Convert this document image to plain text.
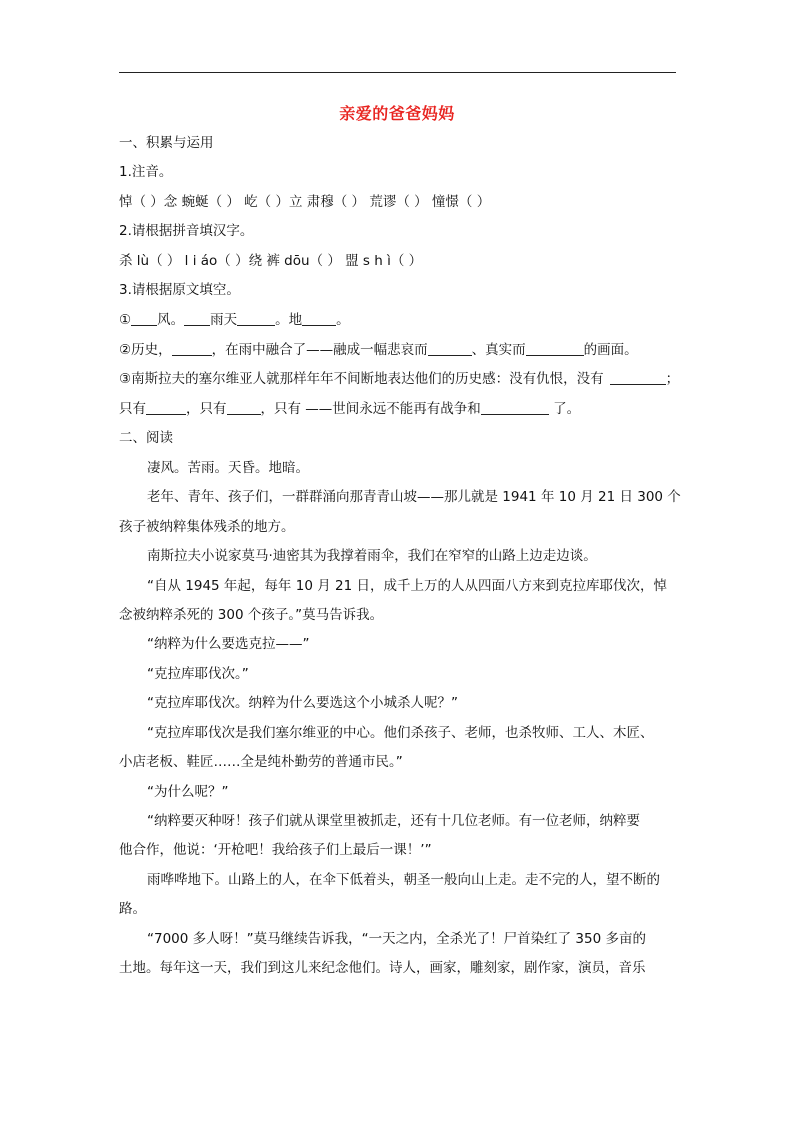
亲爱的爸爸妈妈
一、积累与运用
1.注音。
悼（ ）念 蜿蜒（ ） 屹（ ）立 肃穆（ ） 荒谬（ ） 憧憬（ ）
2.请根据拼音填汉字。
杀 lù（ ） l i áo（ ）绕 裤 dōu（ ） 盟 s h ì（ ）
3.请根据原文填空。
① 风。 雨天	。地	。
②历史，	，在雨中融合了——融成一幅悲哀而	、真实而	的画面。
③南斯拉夫的塞尔维亚人就那样年年不间断地表达他们的历史感：没有仇恨，没有	；
只有	，只有	，只有 ——世间永远不能再有战争和	了。
二、阅读
凄风。苦雨。天昏。地暗。
老年、青年、孩子们，一群群涌向那青青山坡——那儿就是 1941 年 10 月 21 日 300 个
孩子被纳粹集体残杀的地方。
南斯拉夫小说家莫马·迪密其为我撑着雨伞，我们在窄窄的山路上边走边谈。
“自从 1945 年起，每年 10 月 21 日，成千上万的人从四面八方来到克拉库耶伐次，悼
念被纳粹杀死的 300 个孩子。”莫马告诉我。
“纳粹为什么要选克拉——”
“克拉库耶伐次。”
“克拉库耶伐次。纳粹为什么要选这个小城杀人呢？”
“克拉库耶伐次是我们塞尔维亚的中心。他们杀孩子、老师，也杀牧师、工人、木匠、
小店老板、鞋匠……全是纯朴勤劳的普通市民。”
“为什么呢？”
“纳粹要灭种呀！孩子们就从课堂里被抓走，还有十几位老师。有一位老师，纳粹要
他合作，他说：‘开枪吧！我给孩子们上最后一课！’”
雨哗哗地下。山路上的人，在伞下低着头，朝圣一般向山上走。走不完的人，望不断的
路。
“7000 多人呀！”莫马继续告诉我，“一天之内，全杀光了！尸首染红了 350 多亩的
土地。每年这一天，我们到这儿来纪念他们。诗人，画家，雕刻家，剧作家，演员，音乐
